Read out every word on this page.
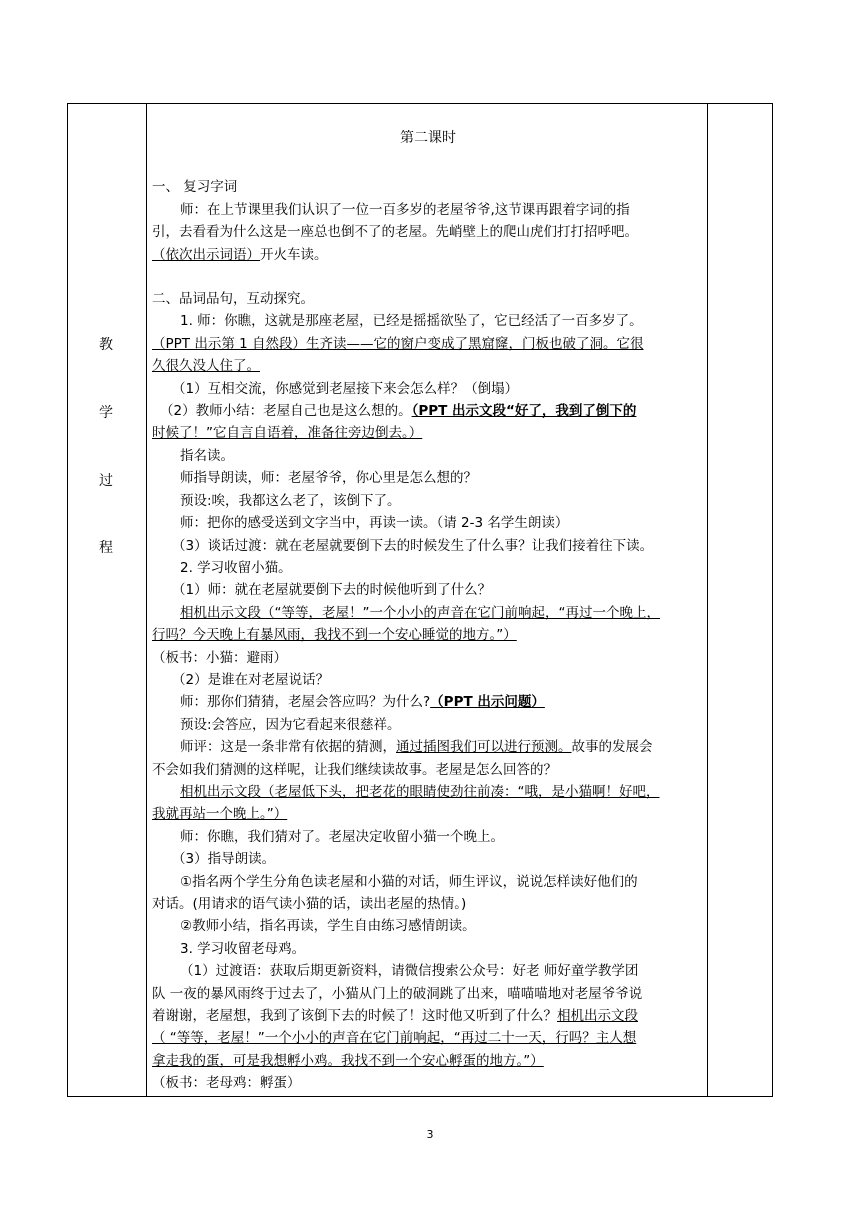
教
学
过
程

第二课时

一、 复习字词

师：在上节课里我们认识了一位一百多岁的老屋爷爷,这节课再跟着字词的指

引，去看看为什么这是一座总也倒不了的老屋。先峭壁上的爬山虎们打打招呼吧。

（依次出示词语）开火车读。

二、品词品句，互动探究。

1. 师：你瞧，这就是那座老屋，已经是摇摇欲坠了，它已经活了一百多岁了。

（PPT 出示第 1 自然段）生齐读——它的窗户变成了黑窟窿，门板也破了洞。它很

久很久没人住了。

（1）互相交流，你感觉到老屋接下来会怎么样？（倒塌）

（2）教师小结：老屋自己也是这么想的。（PPT 出示文段“好了，我到了倒下的

时候了！”它自言自语着，准备往旁边倒去。）

指名读。

师指导朗读，师：老屋爷爷，你心里是怎么想的？

预设:唉，我都这么老了，该倒下了。

师：把你的感受送到文字当中，再读一读。（请 2-3 名学生朗读）

（3）谈话过渡：就在老屋就要倒下去的时候发生了什么事？让我们接着往下读。

2. 学习收留小猫。

（1）师：就在老屋就要倒下去的时候他听到了什么？

相机出示文段（“等等，老屋！”一个小小的声音在它门前响起，“再过一个晚上，

行吗？今天晚上有暴风雨，我找不到一个安心睡觉的地方。”）

（板书：小猫：避雨）

（2）是谁在对老屋说话？

师：那你们猜猜，老屋会答应吗？为什么?（PPT 出示问题）

预设:会答应，因为它看起来很慈祥。

师评：这是一条非常有依据的猜测，通过插图我们可以进行预测。故事的发展会

不会如我们猜测的这样呢，让我们继续读故事。老屋是怎么回答的？

相机出示文段（老屋低下头，把老花的眼睛使劲往前凑：“哦，是小猫啊！好吧，

我就再站一个晚上。”）

师：你瞧，我们猜对了。老屋决定收留小猫一个晚上。

（3）指导朗读。

①指名两个学生分角色读老屋和小猫的对话，师生评议，说说怎样读好他们的

对话。(用请求的语气读小猫的话，读出老屋的热情。)

②教师小结，指名再读，学生自由练习感情朗读。

3. 学习收留老母鸡。

（1）过渡语：获取后期更新资料，请微信搜索公众号：好老 师好童学教学团

队 一夜的暴风雨终于过去了，小猫从门上的破洞跳了出来，喵喵喵地对老屋爷爷说

着谢谢，老屋想，我到了该倒下去的时候了！这时他又听到了什么？相机出示文段

（ “等等，老屋！”一个小小的声音在它门前响起，“再过二十一天，行吗？主人想

拿走我的蛋，可是我想孵小鸡。我找不到一个安心孵蛋的地方。”）

（板书：老母鸡：孵蛋）

3
